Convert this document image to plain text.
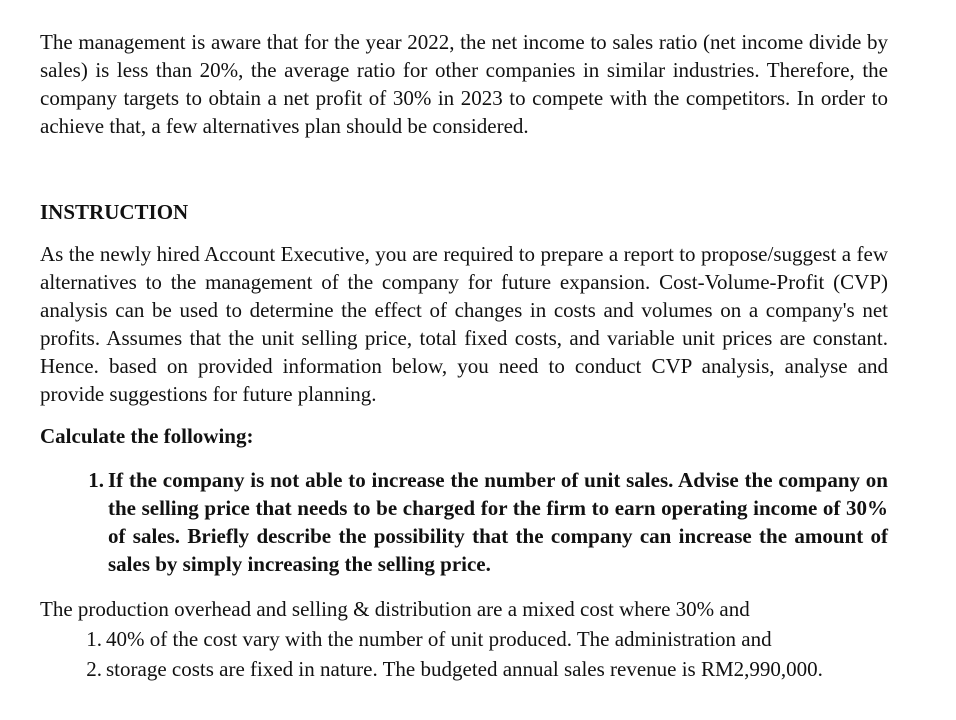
The management is aware that for the year 2022, the net income to sales ratio (net income divide by sales) is less than 20%, the average ratio for other companies in similar industries. Therefore, the company targets to obtain a net profit of 30% in 2023 to compete with the competitors. In order to achieve that, a few alternatives plan should be considered.

INSTRUCTION

As the newly hired Account Executive, you are required to prepare a report to propose/suggest a few alternatives to the management of the company for future expansion. Cost-Volume-Profit (CVP) analysis can be used to determine the effect of changes in costs and volumes on a company's net profits. Assumes that the unit selling price, total fixed costs, and variable unit prices are constant. Hence. based on provided information below, you need to conduct CVP analysis, analyse and provide suggestions for future planning.

Calculate the following:

1. If the company is not able to increase the number of unit sales. Advise the company on the selling price that needs to be charged for the firm to earn operating income of 30% of sales. Briefly describe the possibility that the company can increase the amount of sales by simply increasing the selling price.

The production overhead and selling & distribution are a mixed cost where 30% and

1. 40% of the cost vary with the number of unit produced. The administration and
2. storage costs are fixed in nature. The budgeted annual sales revenue is RM2,990,000.
